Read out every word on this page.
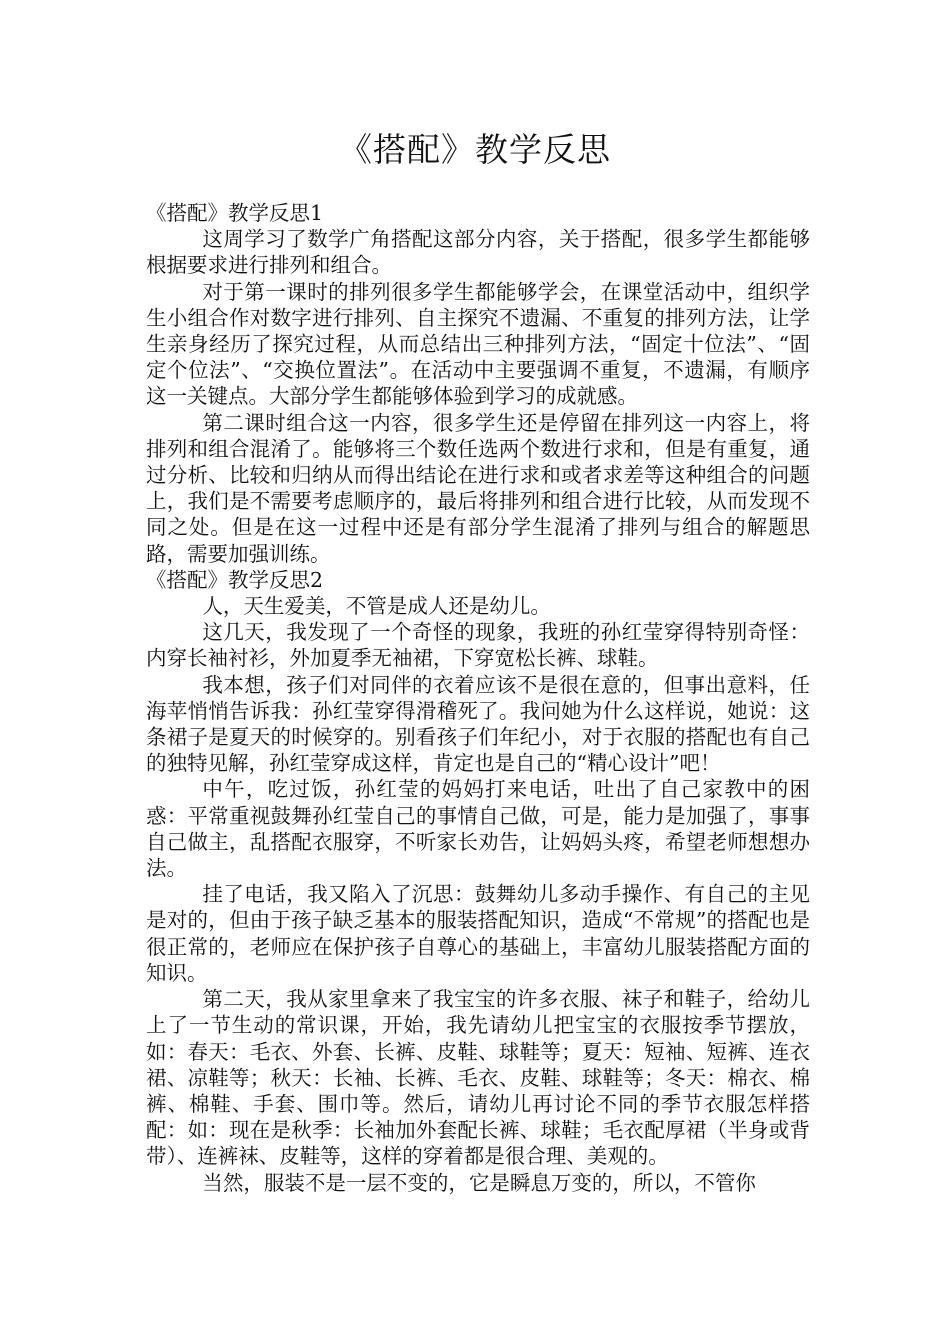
《搭配》教学反思

《搭配》教学反思1

这周学习了数学广角搭配这部分内容，关于搭配，很多学生都能够根据要求进行排列和组合。

对于第一课时的排列很多学生都能够学会，在课堂活动中，组织学生小组合作对数字进行排列、自主探究不遗漏、不重复的排列方法，让学生亲身经历了探究过程，从而总结出三种排列方法，“固定十位法”、“固定个位法”、“交换位置法”。在活动中主要强调不重复，不遗漏，有顺序这一关键点。大部分学生都能够体验到学习的成就感。

第二课时组合这一内容，很多学生还是停留在排列这一内容上，将排列和组合混淆了。能够将三个数任选两个数进行求和，但是有重复，通过分析、比较和归纳从而得出结论在进行求和或者求差等这种组合的问题上，我们是不需要考虑顺序的，最后将排列和组合进行比较，从而发现不同之处。但是在这一过程中还是有部分学生混淆了排列与组合的解题思路，需要加强训练。

《搭配》教学反思2

人，天生爱美，不管是成人还是幼儿。

这几天，我发现了一个奇怪的现象，我班的孙红莹穿得特别奇怪：内穿长袖衬衫，外加夏季无袖裙，下穿宽松长裤、球鞋。

我本想，孩子们对同伴的衣着应该不是很在意的，但事出意料，任海苹悄悄告诉我：孙红莹穿得滑稽死了。我问她为什么这样说，她说：这条裙子是夏天的时候穿的。别看孩子们年纪小，对于衣服的搭配也有自己的独特见解，孙红莹穿成这样，肯定也是自己的“精心设计”吧！

中午，吃过饭，孙红莹的妈妈打来电话，吐出了自己家教中的困惑：平常重视鼓舞孙红莹自己的事情自己做，可是，能力是加强了，事事自己做主，乱搭配衣服穿，不听家长劝告，让妈妈头疼，希望老师想想办法。

挂了电话，我又陷入了沉思：鼓舞幼儿多动手操作、有自己的主见是对的，但由于孩子缺乏基本的服装搭配知识，造成“不常规”的搭配也是很正常的，老师应在保护孩子自尊心的基础上，丰富幼儿服装搭配方面的知识。

第二天，我从家里拿来了我宝宝的许多衣服、袜子和鞋子，给幼儿上了一节生动的常识课，开始，我先请幼儿把宝宝的衣服按季节摆放，如：春天：毛衣、外套、长裤、皮鞋、球鞋等；夏天：短袖、短裤、连衣裙、凉鞋等；秋天：长袖、长裤、毛衣、皮鞋、球鞋等；冬天：棉衣、棉裤、棉鞋、手套、围巾等。然后，请幼儿再讨论不同的季节衣服怎样搭配：如：现在是秋季：长袖加外套配长裤、球鞋；毛衣配厚裙（半身或背带）、连裤袜、皮鞋等，这样的穿着都是很合理、美观的。

当然，服装不是一层不变的，它是瞬息万变的，所以，不管你
